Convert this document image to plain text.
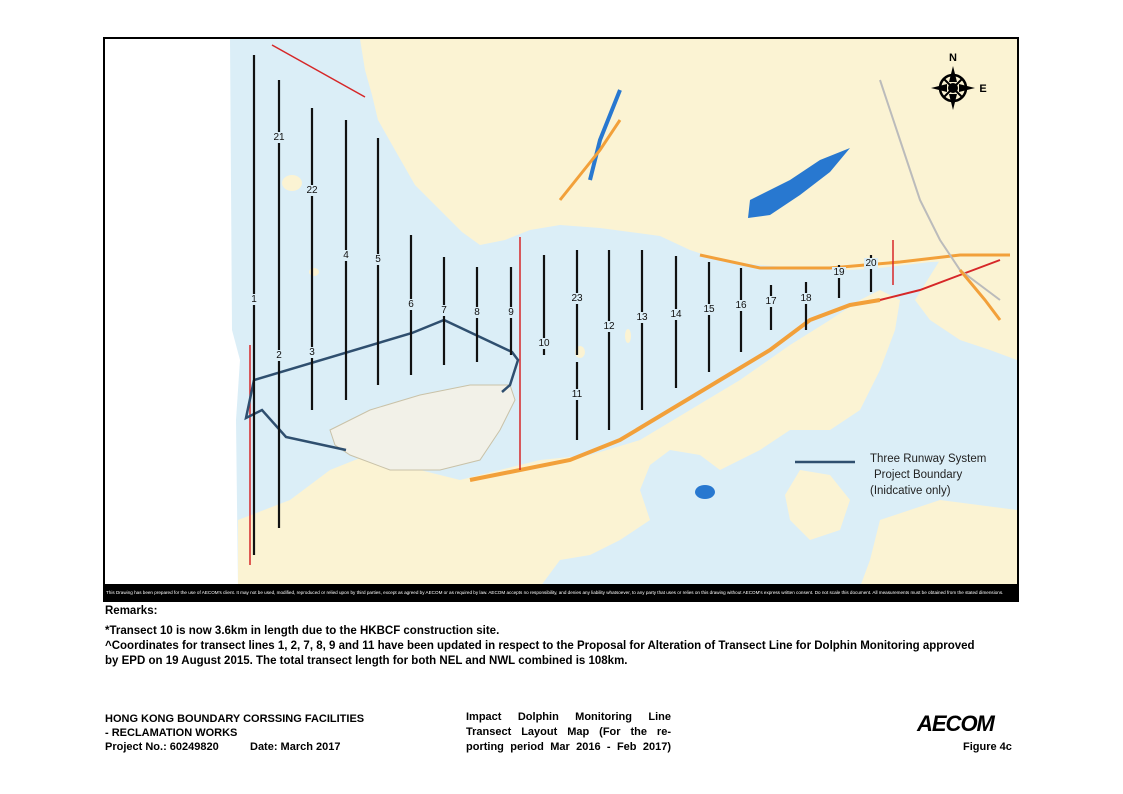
1
2	3
4	5
6
7	8	9
10
11
12
13 14 15 16 17 18
19
20
21
22
23
N
E
Three Runway System
Project Boundary
(Inidcative only)
This Drawing has been prepared for the use of AECOM's client. It may not be used, modified, reproduced or relied upon by third parties, except as agreed by AECOM or as required by law. AECOM accepts no responsibility, and denies any liability whatsoever, to any party that uses or relies on this drawing without AECOM's express written consent. Do not scale this document. All measurements must be obtained from the stated dimensions.
Remarks:
*Transect 10 is now 3.6km in length due to the HKBCF construction site.
^Coordinates for transect lines 1, 2, 7, 8, 9 and 11 have been updated in respect to the Proposal for Alteration of Transect Line for Dolphin Monitoring approved
by EPD on 19 August 2015. The total transect length for both NEL and NWL combined is 108km.
HONG KONG BOUNDARY CORSSING FACILITIES
- RECLAMATION WORKS
Project No.: 60249820	Date: March 2017
Impact Dolphin Monitoring Line
Transect Layout Map (For the re-
porting period Mar 2016 - Feb 2017)
AECOM
Figure 4c
